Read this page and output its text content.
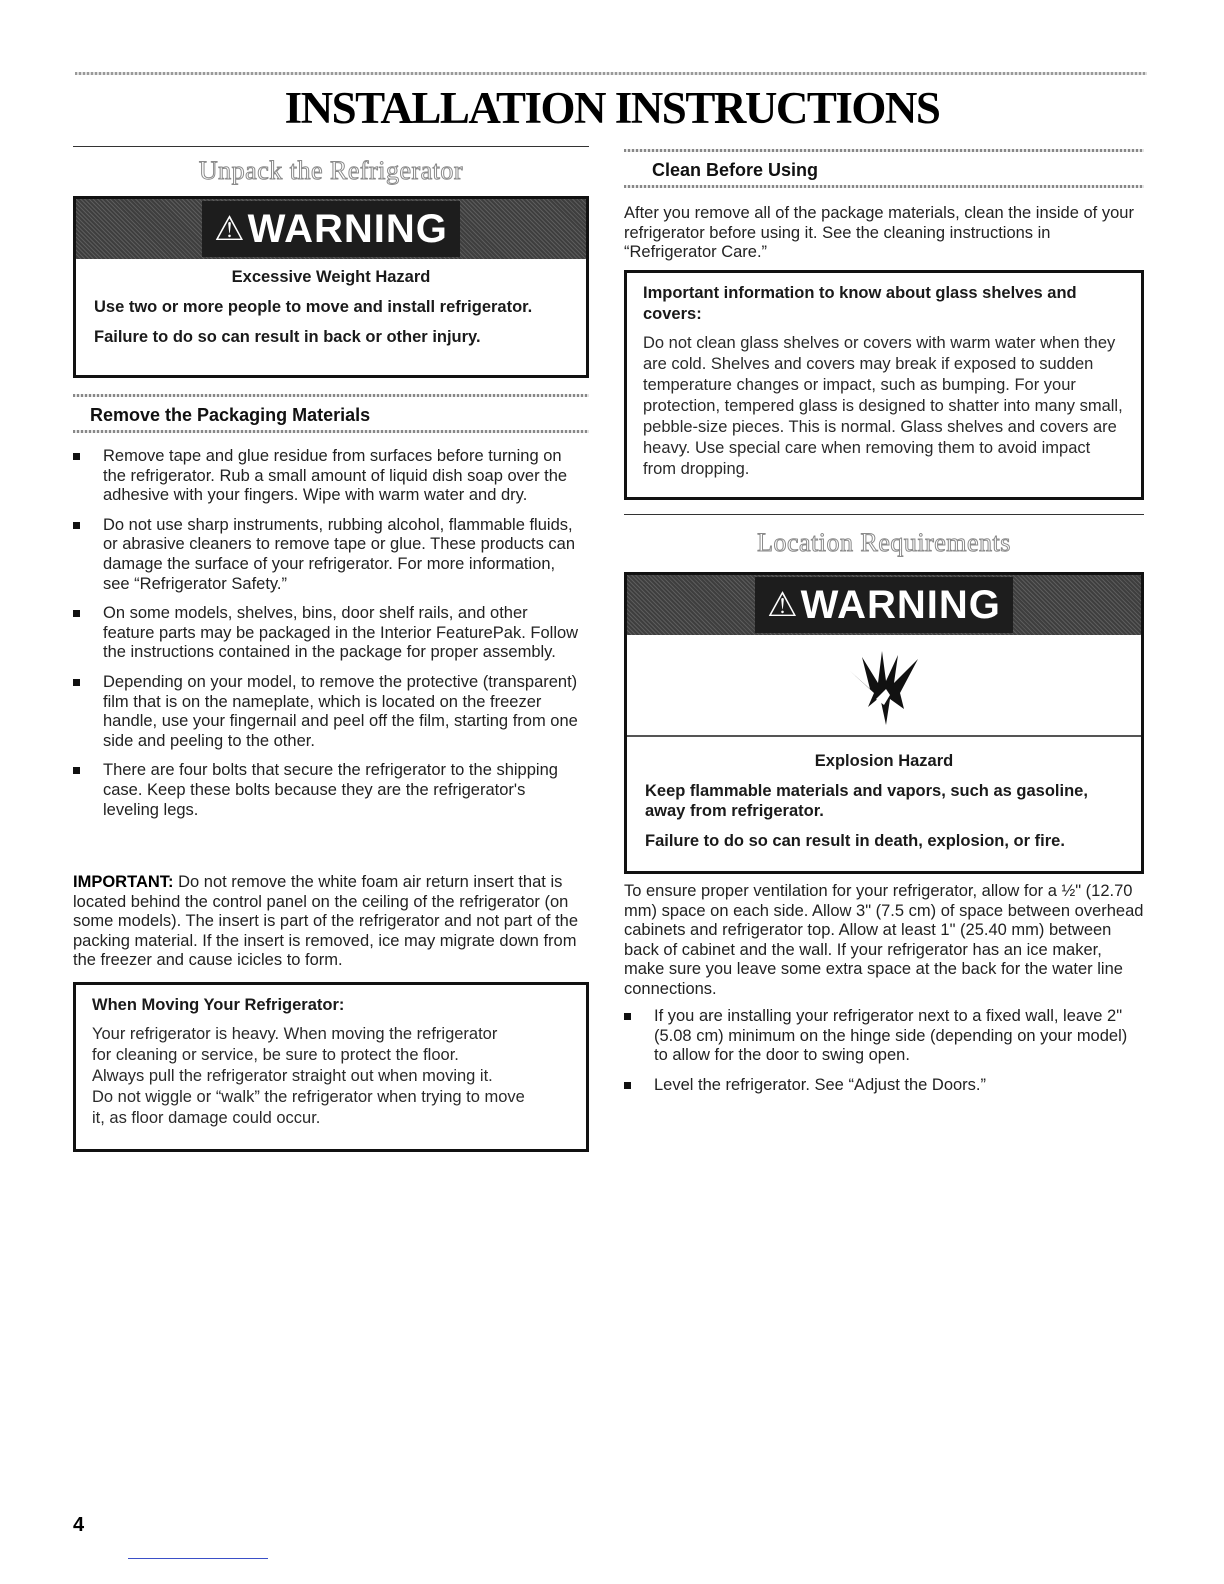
INSTALLATION INSTRUCTIONS
Unpack the Refrigerator
⚠ WARNING
Excessive Weight Hazard

Use two or more people to move and install refrigerator.

Failure to do so can result in back or other injury.

Remove the Packaging Materials
Remove tape and glue residue from surfaces before turning on the refrigerator. Rub a small amount of liquid dish soap over the adhesive with your fingers. Wipe with warm water and dry.
Do not use sharp instruments, rubbing alcohol, flammable fluids, or abrasive cleaners to remove tape or glue. These products can damage the surface of your refrigerator. For more information, see “Refrigerator Safety.”
On some models, shelves, bins, door shelf rails, and other feature parts may be packaged in the Interior FeaturePak. Follow the instructions contained in the package for proper assembly.
Depending on your model, to remove the protective (transparent) film that is on the nameplate, which is located on the freezer handle, use your fingernail and peel off the film, starting from one side and peeling to the other.
There are four bolts that secure the refrigerator to the shipping case. Keep these bolts because they are the refrigerator's leveling legs.

IMPORTANT: Do not remove the white foam air return insert that is located behind the control panel on the ceiling of the refrigerator (on some models). The insert is part of the refrigerator and not part of the packing material. If the insert is removed, ice may migrate down from the freezer and cause icicles to form.

When Moving Your Refrigerator:
Your refrigerator is heavy. When moving the refrigerator
for cleaning or service, be sure to protect the floor.
Always pull the refrigerator straight out when moving it.
Do not wiggle or “walk” the refrigerator when trying to move
it, as floor damage could occur.
Clean Before Using

After you remove all of the package materials, clean the inside of your refrigerator before using it. See the cleaning instructions in “Refrigerator Care.”

Important information to know about glass shelves and covers:
Do not clean glass shelves or covers with warm water when they are cold. Shelves and covers may break if exposed to sudden temperature changes or impact, such as bumping. For your protection, tempered glass is designed to shatter into many small, pebble-size pieces. This is normal. Glass shelves and covers are heavy. Use special care when removing them to avoid impact from dropping.
Location Requirements
⚠ WARNING
Explosion Hazard

Keep flammable materials and vapors, such as gasoline, away from refrigerator.

Failure to do so can result in death, explosion, or fire.

To ensure proper ventilation for your refrigerator, allow for a ½" (12.70 mm) space on each side. Allow 3" (7.5 cm) of space between overhead cabinets and refrigerator top. Allow at least 1" (25.40 mm) between back of cabinet and the wall. If your refrigerator has an ice maker, make sure you leave some extra space at the back for the water line connections.

If you are installing your refrigerator next to a fixed wall, leave 2" (5.08 cm) minimum on the hinge side (depending on your model) to allow for the door to swing open.
Level the refrigerator. See “Adjust the Doors.”
4
